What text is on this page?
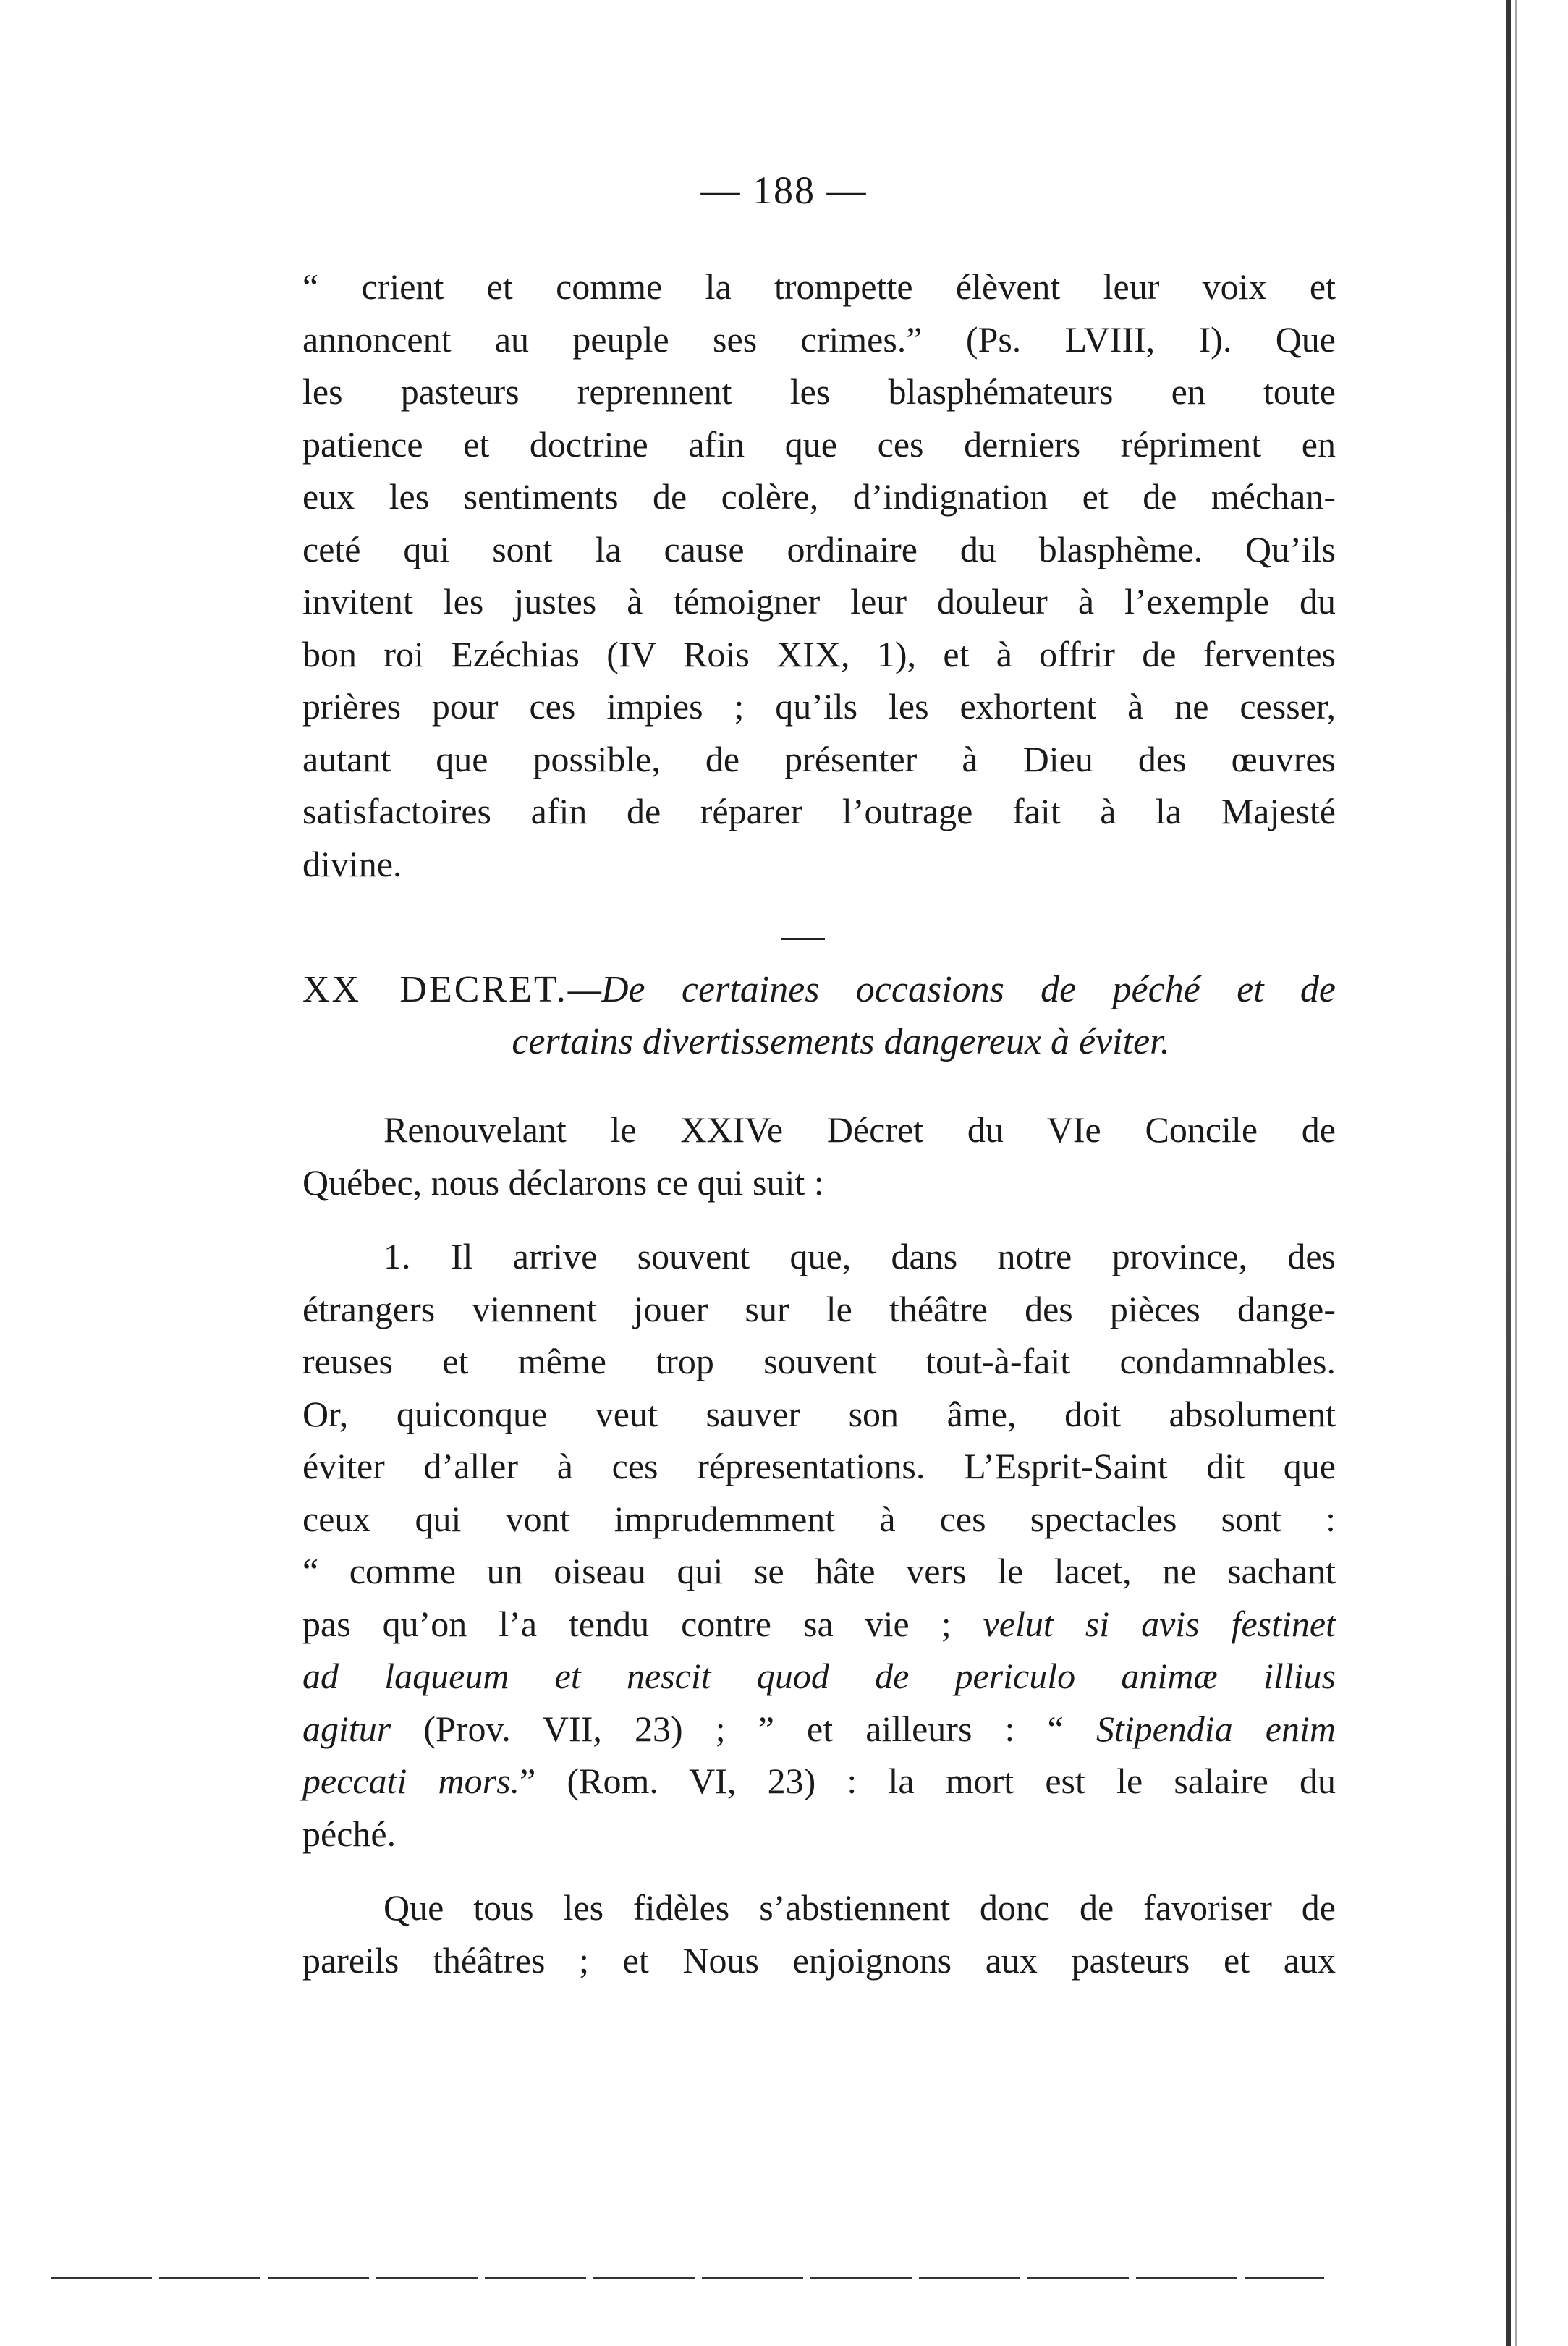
— 188 —
“ crient et comme la trompette élèvent leur voix et
annoncent au peuple ses crimes.” (Ps. LVIII, I). Que
les pasteurs reprennent les blasphémateurs en toute
patience et doctrine afin que ces derniers répriment en
eux les sentiments de colère, d’indignation et de méchan-
ceté qui sont la cause ordinaire du blasphème. Qu’ils
invitent les justes à témoigner leur douleur à l’exemple du
bon roi Ezéchias (IV Rois XIX, 1), et à offrir de ferventes
prières pour ces impies ; qu’ils les exhortent à ne cesser,
autant que possible, de présenter à Dieu des œuvres
satisfactoires afin de réparer l’outrage fait à la Majesté
divine.
XX DECRET.—De certaines occasions de péché et de
certains divertissements dangereux à éviter.
Renouvelant le XXIVe Décret du VIe Concile de
Québec, nous déclarons ce qui suit :
1. Il arrive souvent que, dans notre province, des
étrangers viennent jouer sur le théâtre des pièces dange-
reuses et même trop souvent tout-à-fait condamnables.
Or, quiconque veut sauver son âme, doit absolument
éviter d’aller à ces répresentations. L’Esprit-Saint dit que
ceux qui vont imprudemment à ces spectacles sont :
“ comme un oiseau qui se hâte vers le lacet, ne sachant
pas qu’on l’a tendu contre sa vie ; velut si avis festinet
ad laqueum et nescit quod de periculo animæ illius
agitur (Prov. VII, 23) ; ” et ailleurs : “ Stipendia enim
peccati mors.” (Rom. VI, 23) : la mort est le salaire du
péché.
Que tous les fidèles s’abstiennent donc de favoriser de
pareils théâtres ; et Nous enjoignons aux pasteurs et aux
